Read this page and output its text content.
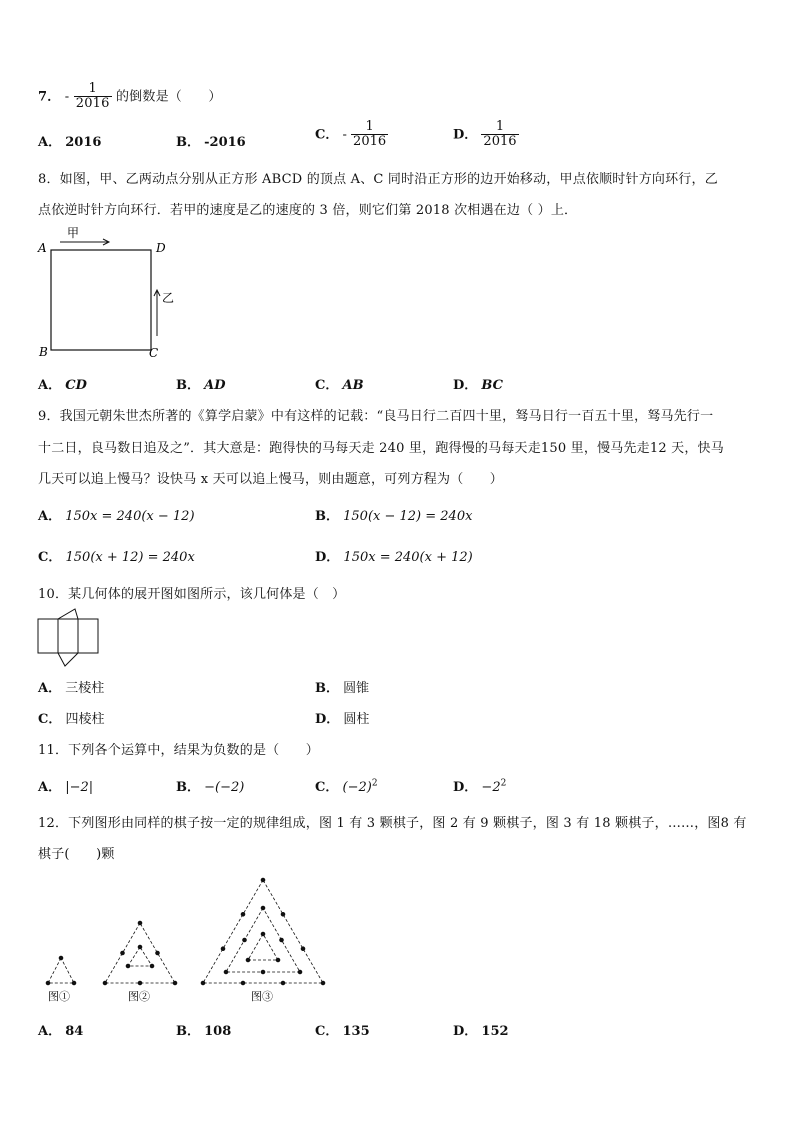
7． - $\frac{1}{2016}$ 的倒数是（　　）
A． 2016	B． -2016
C． - $\frac{1}{2016}$	D． $\frac{1}{2016}$
8．如图，甲、乙两动点分别从正方形 ABCD 的顶点 A、C 同时沿正方形的边开始移动，甲点依顺时针方向环行，乙
点依逆时针方向环行．若甲的速度是乙的速度的 3 倍，则它们第 2018 次相遇在边（ ）上．
A	D
B	C
甲
乙
A． CD	B． AD	C． AB	D． BC
9．我国元朝朱世杰所著的《算学启蒙》中有这样的记载：“良马日行二百四十里，驽马日行一百五十里，驽马先行一
十二日，良马数日追及之”．其大意是：跑得快的马每天走 240 里，跑得慢的马每天走150 里，慢马先走12 天，快马
几天可以追上慢马？设快马 x 天可以追上慢马，则由题意，可列方程为（　　）
A． 150x = 240(x − 12)	B． 150(x − 12) = 240x
C． 150(x + 12) = 240x	D． 150x = 240(x + 12)
10．某几何体的展开图如图所示，该几何体是（　）
A． 三棱柱	B． 圆锥
C． 四棱柱	D． 圆柱
11．下列各个运算中，结果为负数的是（　　）
A． |−2|	B． −(−2)	C． $(-2)^2$	D． $-2^2$
12．下列图形由同样的棋子按一定的规律组成，图 1 有 3 颗棋子，图 2 有 9 颗棋子，图 3 有 18 颗棋子，……，图8 有
棋子(　　)颗
图①	图②	图③
A． 84	B． 108	C． 135	D． 152
